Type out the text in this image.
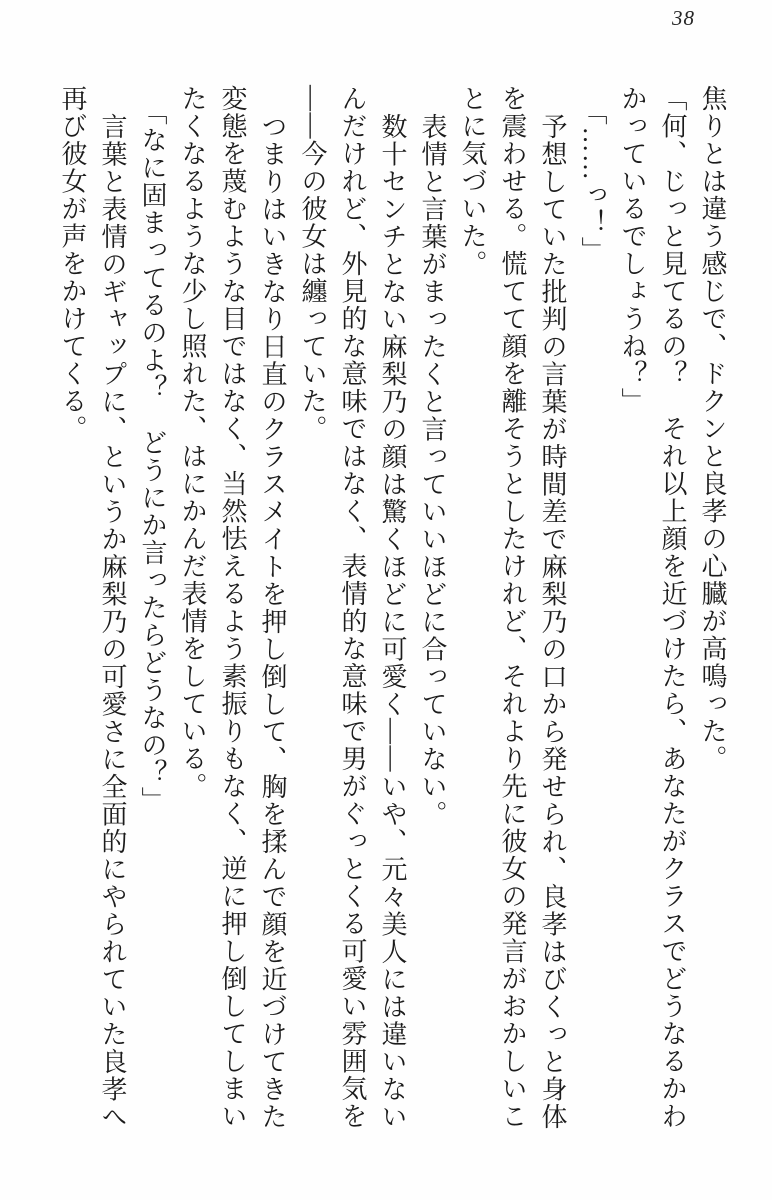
38
焦りとは違う感じで、ドクンと良孝の心臓が高鳴った。
「何、じっと見てるの？　それ以上顔を近づけたら、あなたがクラスでどうなるかわ
かっているでしょうね？」
「……っ！」
予想していた批判の言葉が時間差で麻梨乃の口から発せられ、良孝はびくっと身体
を震わせる。慌てて顔を離そうとしたけれど、それより先に彼女の発言がおかしいこ
とに気づいた。
表情と言葉がまったくと言っていいほどに合っていない。
数十センチとない麻梨乃の顔は驚くほどに可愛く——いや、元々美人には違いない
んだけれど、外見的な意味ではなく、表情的な意味で男がぐっとくる可愛い雰囲気を
——今の彼女は纏っていた。
つまりはいきなり日直のクラスメイトを押し倒して、胸を揉んで顔を近づけてきた
変態を蔑むような目ではなく、当然怯えるよう素振りもなく、逆に押し倒してしまい
たくなるような少し照れた、はにかんだ表情をしている。
「なに固まってるのよ？　どうにか言ったらどうなの？」
言葉と表情のギャップに、というか麻梨乃の可愛さに全面的にやられていた良孝へ
再び彼女が声をかけてくる。
